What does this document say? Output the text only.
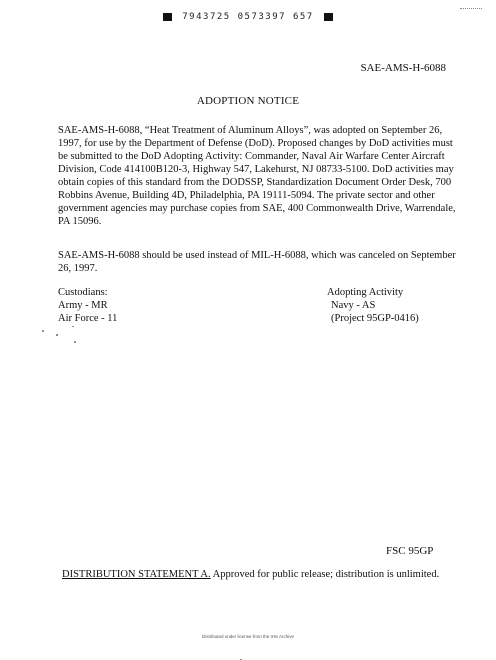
7943725 0573397 657
SAE-AMS-H-6088
ADOPTION NOTICE

SAE-AMS-H-6088, “Heat Treatment of Aluminum Alloys”, was adopted on September 26, 1997, for use by the Department of Defense (DoD). Proposed changes by DoD activities must be submitted to the DoD Adopting Activity: Commander, Naval Air Warfare Center Aircraft Division, Code 414100B120-3, Highway 547, Lakehurst, NJ 08733-5100. DoD activities may obtain copies of this standard from the DODSSP, Standardization Document Order Desk, 700 Robbins Avenue, Building 4D, Philadelphia, PA 19111-5094. The private sector and other government agencies may purchase copies from SAE, 400 Commonwealth Drive, Warrendale, PA 15096.

SAE-AMS-H-6088 should be used instead of MIL-H-6088, which was canceled on September 26, 1997.

Custodians:
Army - MR
Air Force - 11
Adopting Activity
Navy - AS
(Project 95GP-0416)
FSC 95GP
DISTRIBUTION STATEMENT A. Approved for public release; distribution is unlimited.
Distributed under license from the IHS Archive
